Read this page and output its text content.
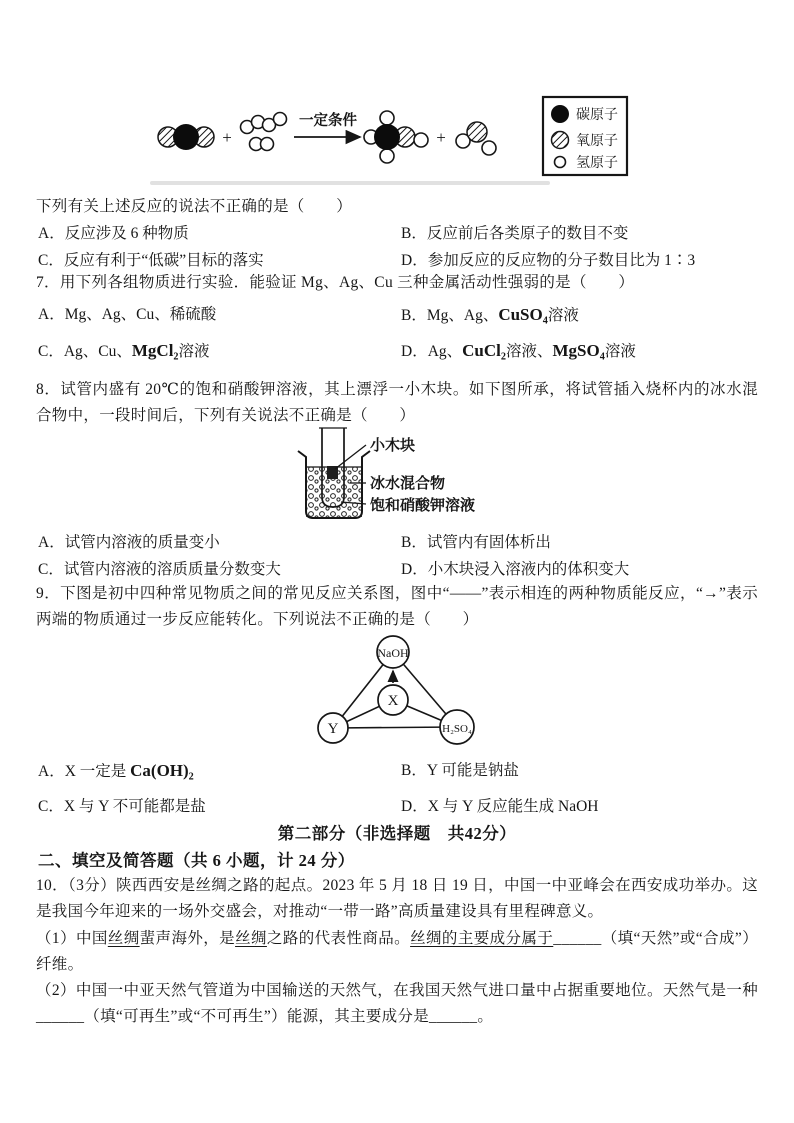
+
一定条件
+
碳原子
氧原子
氢原子
下列有关上述反应的说法不正确的是（　　）
A．反应涉及 6 种物质	B．反应前后各类原子的数目不变
C．反应有利于“低碳”目标的落实	D．参加反应的反应物的分子数目比为 1∶3
7．用下列各组物质进行实验．能验证 Mg、Ag、Cu 三种金属活动性强弱的是（　　）
A．Mg、Ag、Cu、稀硫酸	B．Mg、Ag、CuSO₄溶液
C．Ag、Cu、MgCl₂溶液	D．Ag、CuCl₂溶液、MgSO₄溶液
8．试管内盛有 20℃的饱和硝酸钾溶液，其上漂浮一小木块。如下图所承，将试管插入烧杯内的冰水混合物中，一段时间后，下列有关说法不正确是（　　）
小木块
冰水混合物
饱和硝酸钾溶液
A．试管内溶液的质量变小	B．试管内有固体析出
C．试管内溶液的溶质质量分数变大	D．小木块浸入溶液内的体积变大
9．下图是初中四种常见物质之间的常见反应关系图，图中“——”表示相连的两种物质能反应，“→”表示两端的物质通过一步反应能转化。下列说法不正确的是（　　）
NaOH
X
Y	H₂SO₄
A．X 一定是 Ca(OH)₂	B．Y 可能是钠盐
C．X 与 Y 不可能都是盐	D．X 与 Y 反应能生成 NaOH
第二部分（非选择题　共42分）
二、填空及简答题（共 6 小题，计 24 分）
10．（3分）陕西西安是丝绸之路的起点。2023 年 5 月 18 日 19 日，中国一中亚峰会在西安成功举办。这是我国今年迎来的一场外交盛会，对推动“一带一路”高质量建设具有里程碑意义。
（1）中国丝绸蜚声海外，是丝绸之路的代表性商品。丝绸的主要成分属于______（填“天然”或“合成”）纤维。
（2）中国一中亚天然气管道为中国输送的天然气，在我国天然气进口量中占据重要地位。天然气是一种______（填“可再生”或“不可再生”）能源，其主要成分是______。
